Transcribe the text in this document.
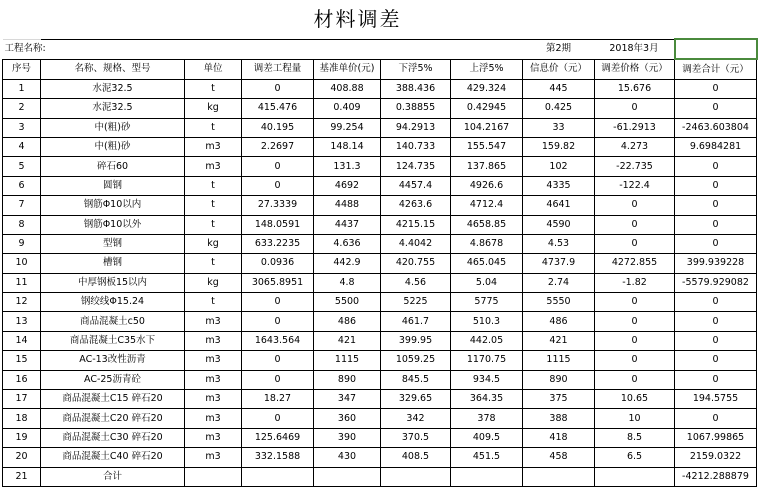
	材料调差								
工程名称:							第2期	2018年3月	
序号	名称、规格、型号	单位	调差工程量	基准单价(元)	下浮5%	上浮5%	信息价（元）	调差价格（元）	调差合计（元）
1	水泥32.5	t	0	408.88	388.436	429.324	445	15.676	0
2	水泥32.5	kg	415.476	0.409	0.38855	0.42945	0.425	0	0
3	中(粗)砂	t	40.195	99.254	94.2913	104.2167	33	-61.2913	-2463.603804
4	中(粗)砂	m3	2.2697	148.14	140.733	155.547	159.82	4.273	9.6984281
5	碎石60	m3	0	131.3	124.735	137.865	102	-22.735	0
6	圆钢	t	0	4692	4457.4	4926.6	4335	-122.4	0
7	钢筋Φ10以内	t	27.3339	4488	4263.6	4712.4	4641	0	0
8	钢筋Φ10以外	t	148.0591	4437	4215.15	4658.85	4590	0	0
9	型钢	kg	633.2235	4.636	4.4042	4.8678	4.53	0	0
10	槽钢	t	0.0936	442.9	420.755	465.045	4737.9	4272.855	399.939228
11	中厚钢板15以内	kg	3065.8951	4.8	4.56	5.04	2.74	-1.82	-5579.929082
12	钢绞线Φ15.24	t	0	5500	5225	5775	5550	0	0
13	商品混凝土c50	m3	0	486	461.7	510.3	486	0	0
14	商品混凝土C35水下	m3	1643.564	421	399.95	442.05	421	0	0
15	AC-13改性沥青	m3	0	1115	1059.25	1170.75	1115	0	0
16	AC-25沥青砼	m3	0	890	845.5	934.5	890	0	0
17	商品混凝土C15 碎石20	m3	18.27	347	329.65	364.35	375	10.65	194.5755
18	商品混凝土C20 碎石20	m3	0	360	342	378	388	10	0
19	商品混凝土C30 碎石20	m3	125.6469	390	370.5	409.5	418	8.5	1067.99865
20	商品混凝土C40 碎石20	m3	332.1588	430	408.5	451.5	458	6.5	2159.0322
21	合计								-4212.288879
